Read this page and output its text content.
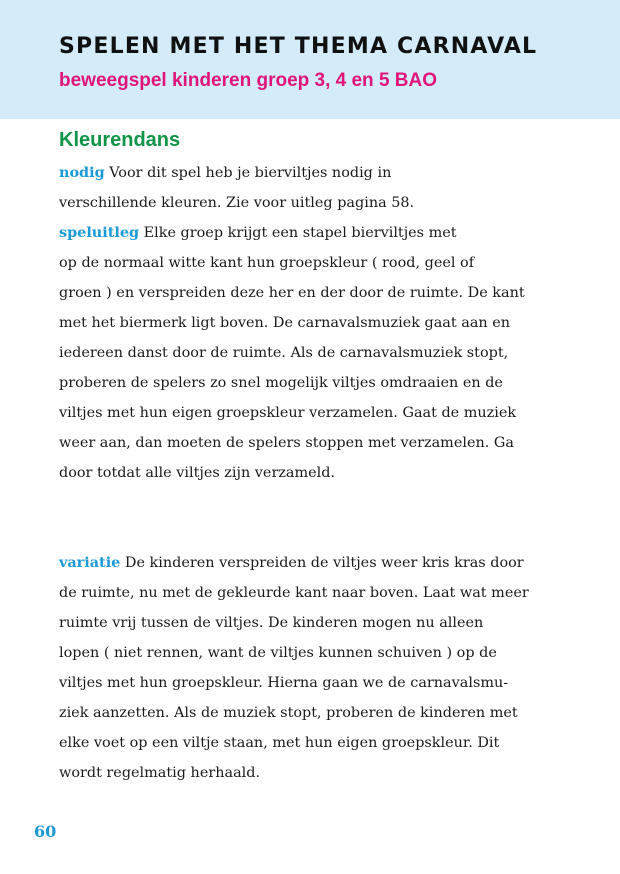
SPELEN MET HET THEMA CARNAVAL
beweegspel kinderen groep 3, 4 en 5 BAO
Kleurendans
nodig Voor dit spel heb je bierviltjes nodig in
verschillende kleuren. Zie voor uitleg pagina 58.
speluitleg Elke groep krijgt een stapel bierviltjes met
op de normaal witte kant hun groepskleur ( rood, geel of
groen ) en verspreiden deze her en der door de ruimte. De kant
met het biermerk ligt boven. De carnavalsmuziek gaat aan en
iedereen danst door de ruimte. Als de carnavalsmuziek stopt,
proberen de spelers zo snel mogelijk viltjes omdraaien en de
viltjes met hun eigen groepskleur verzamelen. Gaat de muziek
weer aan, dan moeten de spelers stoppen met verzamelen. Ga
door totdat alle viltjes zijn verzameld.
variatie De kinderen verspreiden de viltjes weer kris kras door
de ruimte, nu met de gekleurde kant naar boven. Laat wat meer
ruimte vrij tussen de viltjes. De kinderen mogen nu alleen
lopen ( niet rennen, want de viltjes kunnen schuiven ) op de
viltjes met hun groepskleur. Hierna gaan we de carnavalsmu-
ziek aanzetten. Als de muziek stopt, proberen de kinderen met
elke voet op een viltje staan, met hun eigen groepskleur. Dit
wordt regelmatig herhaald.
60
